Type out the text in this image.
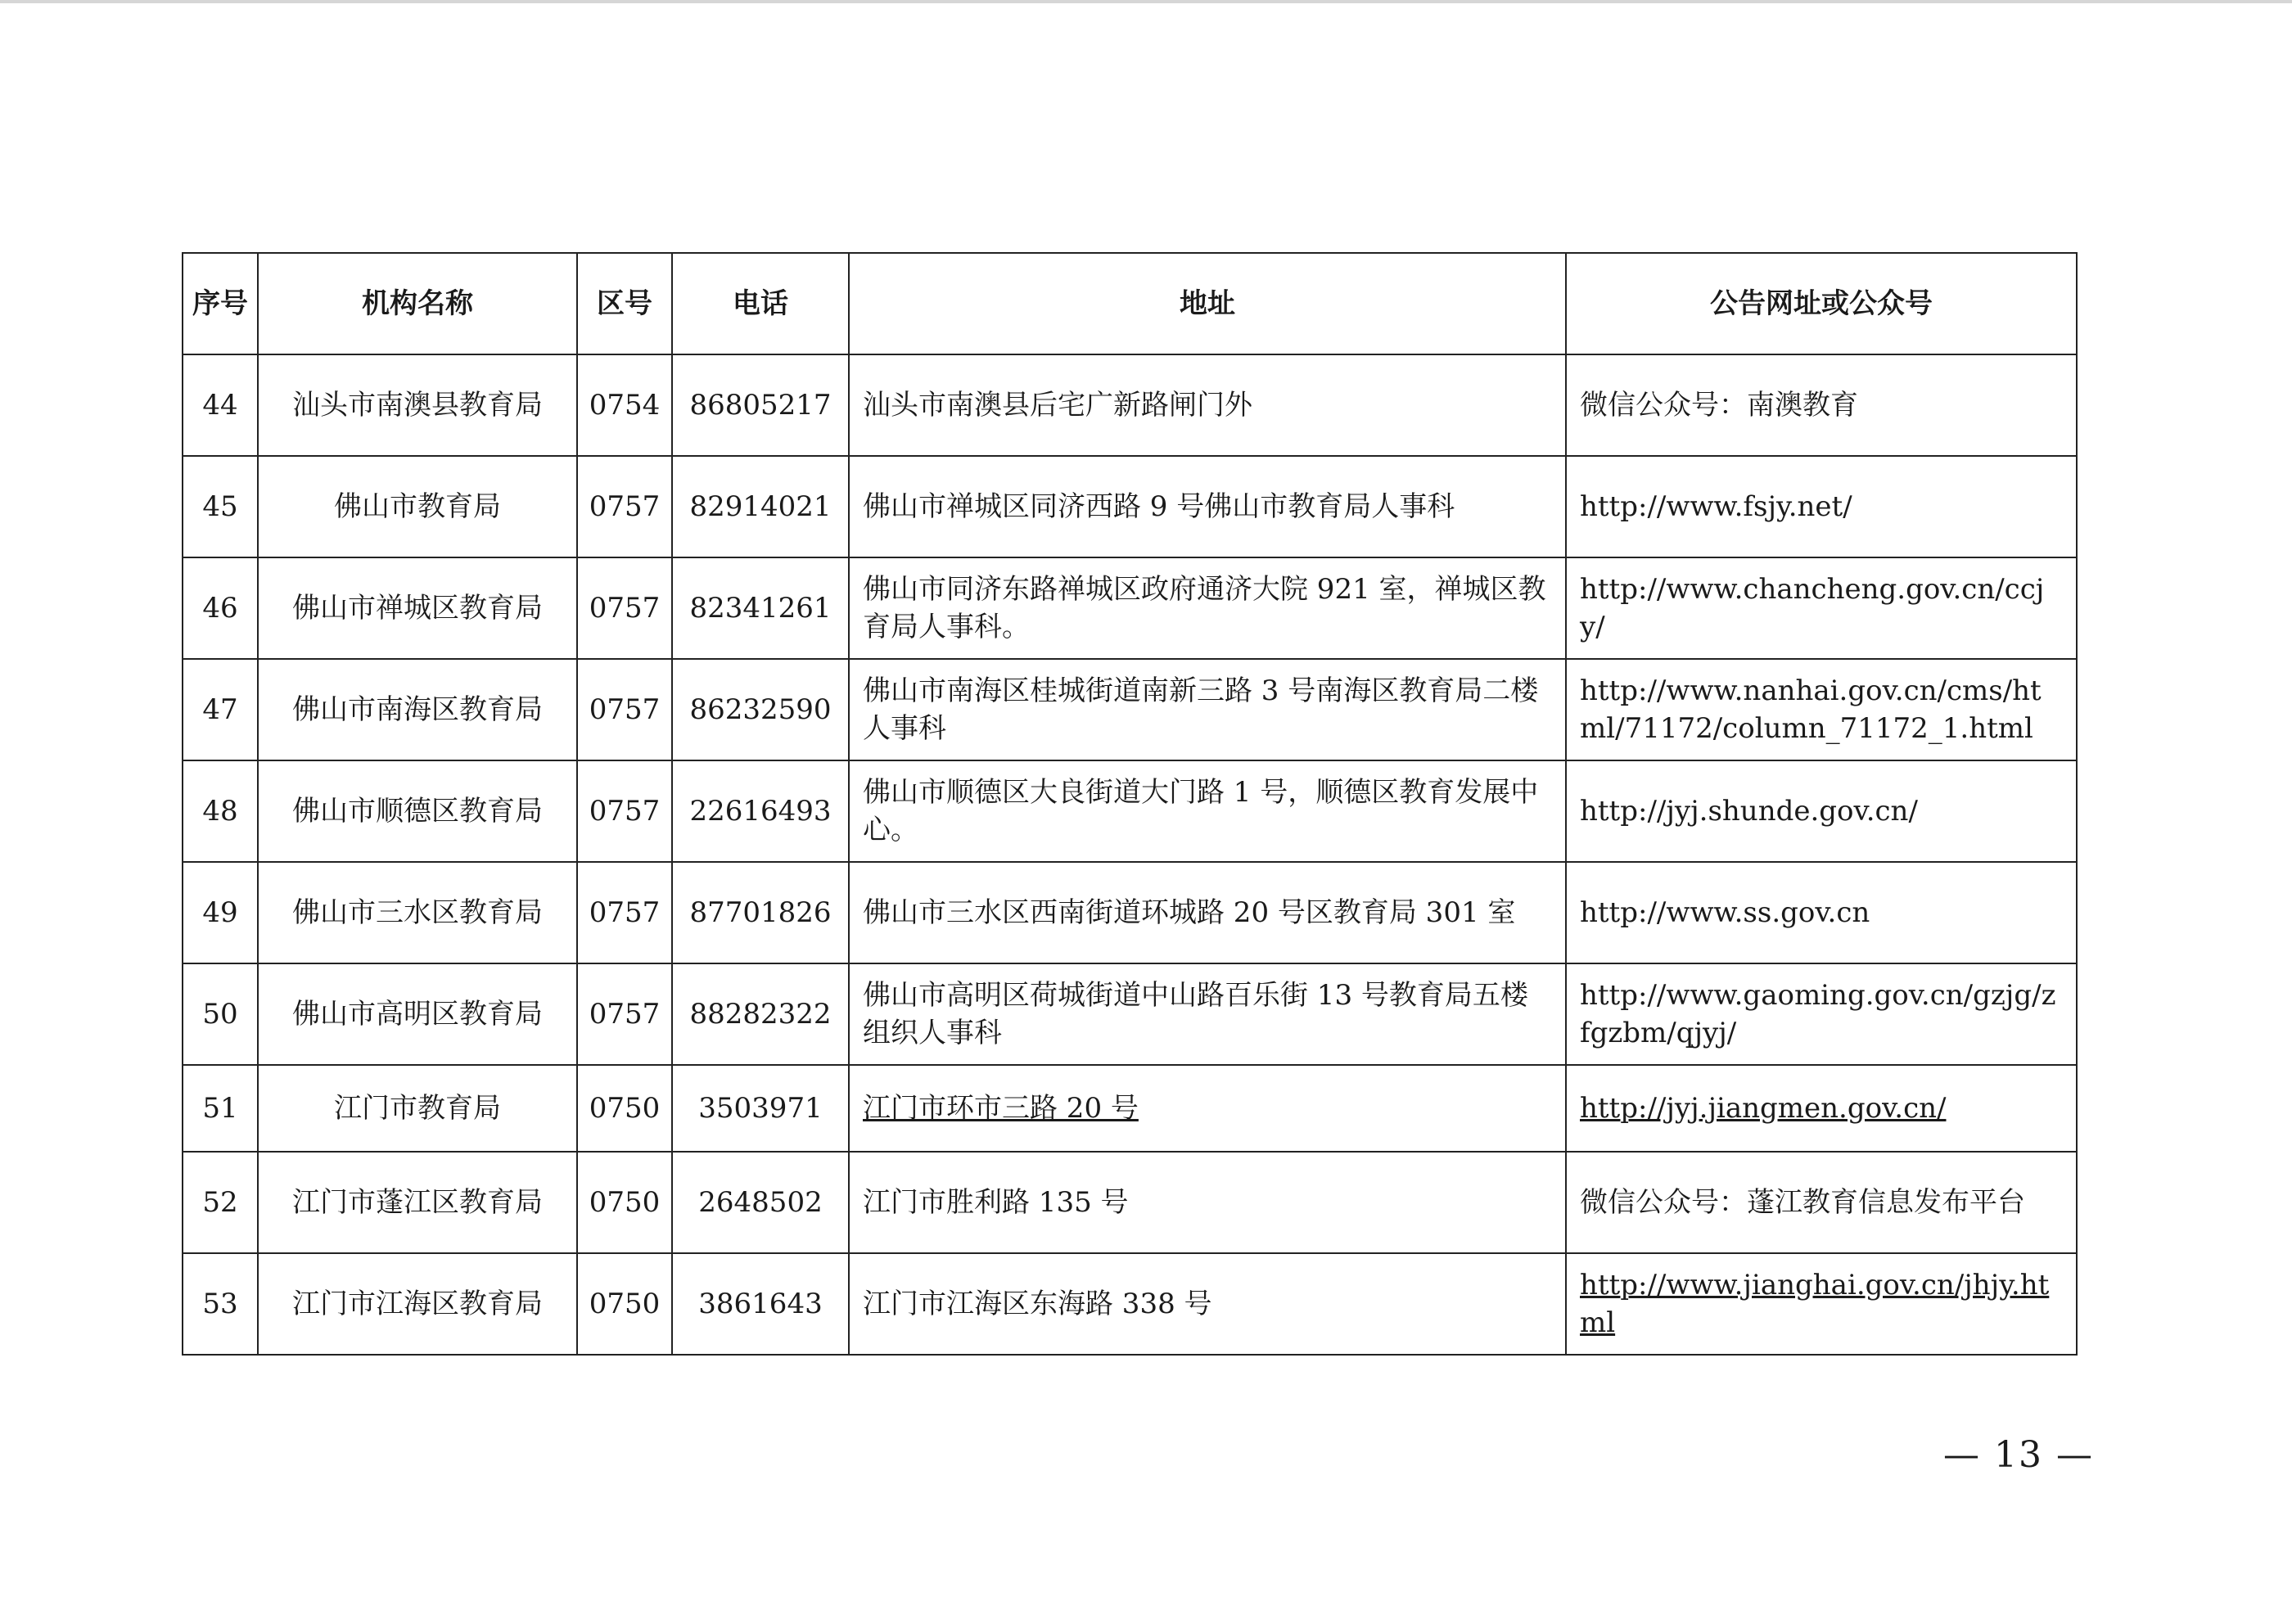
序号	机构名称	区号	电话	地址	公告网址或公众号
44	汕头市南澳县教育局	0754	86805217	汕头市南澳县后宅广新路闸门外	微信公众号：南澳教育
45	佛山市教育局	0757	82914021	佛山市禅城区同济西路 9 号佛山市教育局人事科	http://www.fsjy.net/
46	佛山市禅城区教育局	0757	82341261	佛山市同济东路禅城区政府通济大院 921 室，禅城区教育局人事科。	http://www.chancheng.gov.cn/ccjy/
47	佛山市南海区教育局	0757	86232590	佛山市南海区桂城街道南新三路 3 号南海区教育局二楼人事科	http://www.nanhai.gov.cn/cms/html/71172/column_71172_1.html
48	佛山市顺德区教育局	0757	22616493	佛山市顺德区大良街道大门路 1 号，顺德区教育发展中心。	http://jyj.shunde.gov.cn/
49	佛山市三水区教育局	0757	87701826	佛山市三水区西南街道环城路 20 号区教育局 301 室	http://www.ss.gov.cn
50	佛山市高明区教育局	0757	88282322	佛山市高明区荷城街道中山路百乐街 13 号教育局五楼组织人事科	http://www.gaoming.gov.cn/gzjg/zfgzbm/qjyj/
51	江门市教育局	0750	3503971	江门市环市三路 20 号	http://jyj.jiangmen.gov.cn/
52	江门市蓬江区教育局	0750	2648502	江门市胜利路 135 号	微信公众号：蓬江教育信息发布平台
53	江门市江海区教育局	0750	3861643	江门市江海区东海路 338 号	http://www.jianghai.gov.cn/jhjy.html
— 13 —
